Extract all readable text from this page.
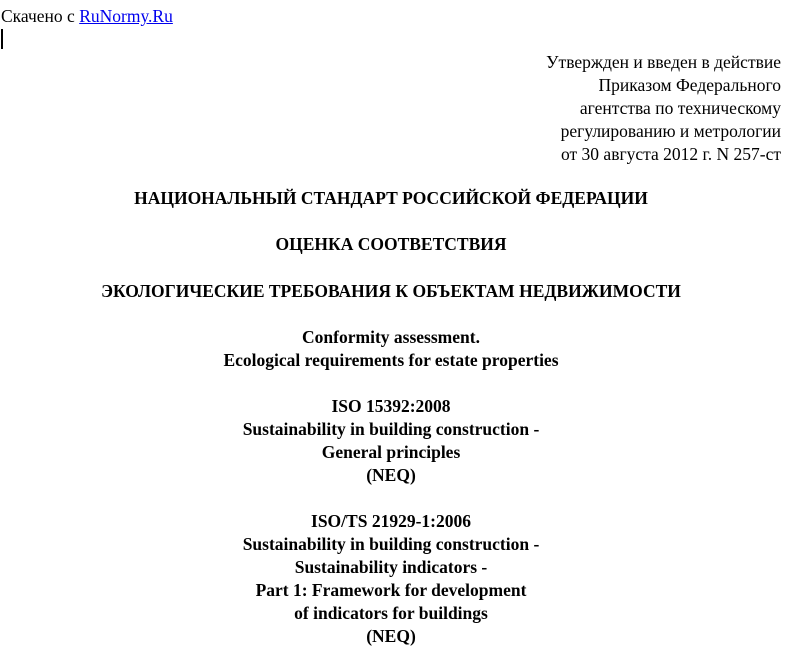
Скачено с RuNormy.Ru
Утвержден и введен в действие
Приказом Федерального
агентства по техническому
регулированию и метрологии
от 30 августа 2012 г. N 257-ст
НАЦИОНАЛЬНЫЙ СТАНДАРТ РОССИЙСКОЙ ФЕДЕРАЦИИ
ОЦЕНКА СООТВЕТСТВИЯ
ЭКОЛОГИЧЕСКИЕ ТРЕБОВАНИЯ К ОБЪЕКТАМ НЕДВИЖИМОСТИ
Conformity assessment.
Ecological requirements for estate properties
ISO 15392:2008
Sustainability in building construction -
General principles
(NEQ)
ISO/TS 21929-1:2006
Sustainability in building construction -
Sustainability indicators -
Part 1: Framework for development
of indicators for buildings
(NEQ)
